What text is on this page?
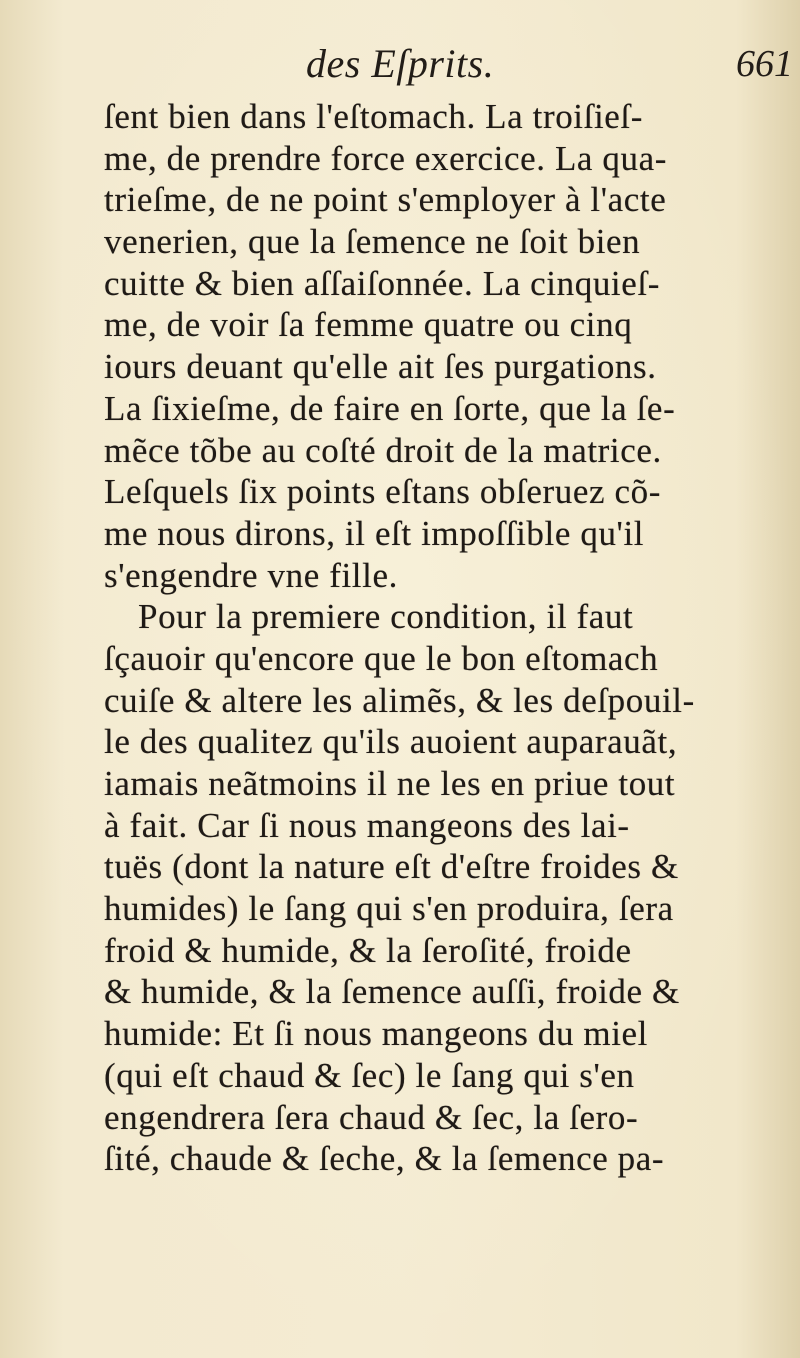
des Eſprits.	661
ſent bien dans l'eſtomach. La troiſieſ-
me, de prendre force exercice. La qua-
trieſme, de ne point s'employer à l'acte
venerien, que la ſemence ne ſoit bien
cuitte & bien aſſaiſonnée. La cinquieſ-
me, de voir ſa femme quatre ou cinq
iours deuant qu'elle ait ſes purgations.
La ſixieſme, de faire en ſorte, que la ſe-
mẽce tõbe au coſté droit de la matrice.
Leſquels ſix points eſtans obſeruez cõ-
me nous dirons, il eſt impoſſible qu'il
s'engendre vne fille.
Pour la premiere condition, il faut
ſçauoir qu'encore que le bon eſtomach
cuiſe & altere les alimẽs, & les deſpouil-
le des qualitez qu'ils auoient auparauãt,
iamais neãtmoins il ne les en priue tout
à fait. Car ſi nous mangeons des lai-
tuës (dont la nature eſt d'eſtre froides &
humides) le ſang qui s'en produira, ſera
froid & humide, & la ſeroſité, froide
& humide, & la ſemence auſſi, froide &
humide: Et ſi nous mangeons du miel
(qui eſt chaud & ſec) le ſang qui s'en
engendrera ſera chaud & ſec, la ſero-
ſité, chaude & ſeche, & la ſemence pa-
